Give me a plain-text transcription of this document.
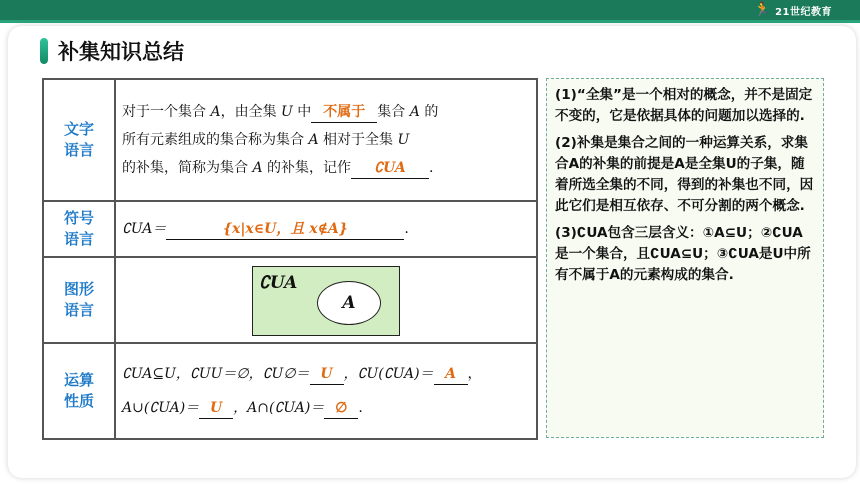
🏃 21世纪教育
补集知识总结
文字
语言	对于一个集合 A，由全集 U 中 不属于 集合 A 的
所有元素组成的集合称为集合 A 相对于全集 U
的补集，简称为集合 A 的补集，记作 ∁UA .
符号
语言	∁UA＝ {x|x∈U，且 x∉A} .
图形
语言	∁UA
A

运算
性质	∁UA⊆U，∁UU＝∅，∁U∅＝ U ，∁U(∁UA)＝ A ，
A∪(∁UA)＝ U ，A∩(∁UA)＝ ∅ .

(1)“全集”是一个相对的概念，并不是固定不变的，它是依据具体的问题加以选择的.

(2)补集是集合之间的一种运算关系，求集合A的补集的前提是A是全集U的子集，随着所选全集的不同，得到的补集也不同，因此它们是相互依存、不可分割的两个概念.

(3)∁UA包含三层含义：①A⊆U；②∁UA是一个集合，且∁UA⊆U；③∁UA是U中所有不属于A的元素构成的集合.
